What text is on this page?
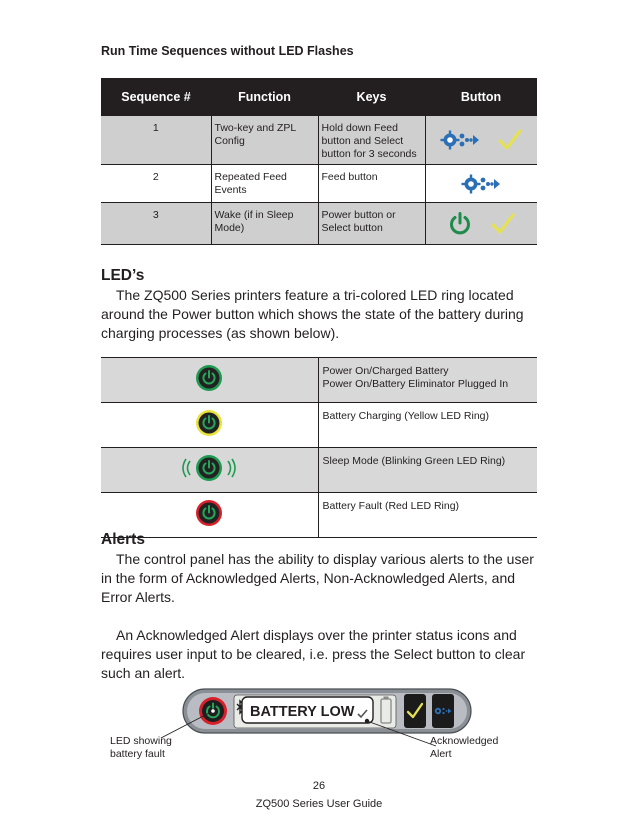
Run Time Sequences without LED Flashes
Sequence #	Function	Keys	Button
1	Two-key and ZPL Config	Hold down Feed button and Select button for 3 seconds	

2	Repeated Feed Events	Feed button	

3	Wake (if in Sleep Mode)	Power button or Select button	
LED’s

The ZQ500 Series printers feature a tri-colored LED ring located around the Power button which shows the state of the battery during charging processes (as shown below).

Power On/Charged Battery
Power On/Battery Eliminator Plugged In

Battery Charging (Yellow LED Ring)

Sleep Mode (Blinking Green LED Ring)

Battery Fault (Red LED Ring)
Alerts

The control panel has the ability to display various alerts to the user in the form of Acknowledged Alerts, Non-Acknowledged Alerts, and Error Alerts.

An Acknowledged Alert displays over the printer status icons and requires user input to be cleared, i.e. press the Select button to clear such an alert.

BATTERY LOW
LED showing
battery fault
Acknowledged
Alert
26
ZQ500 Series User Guide
